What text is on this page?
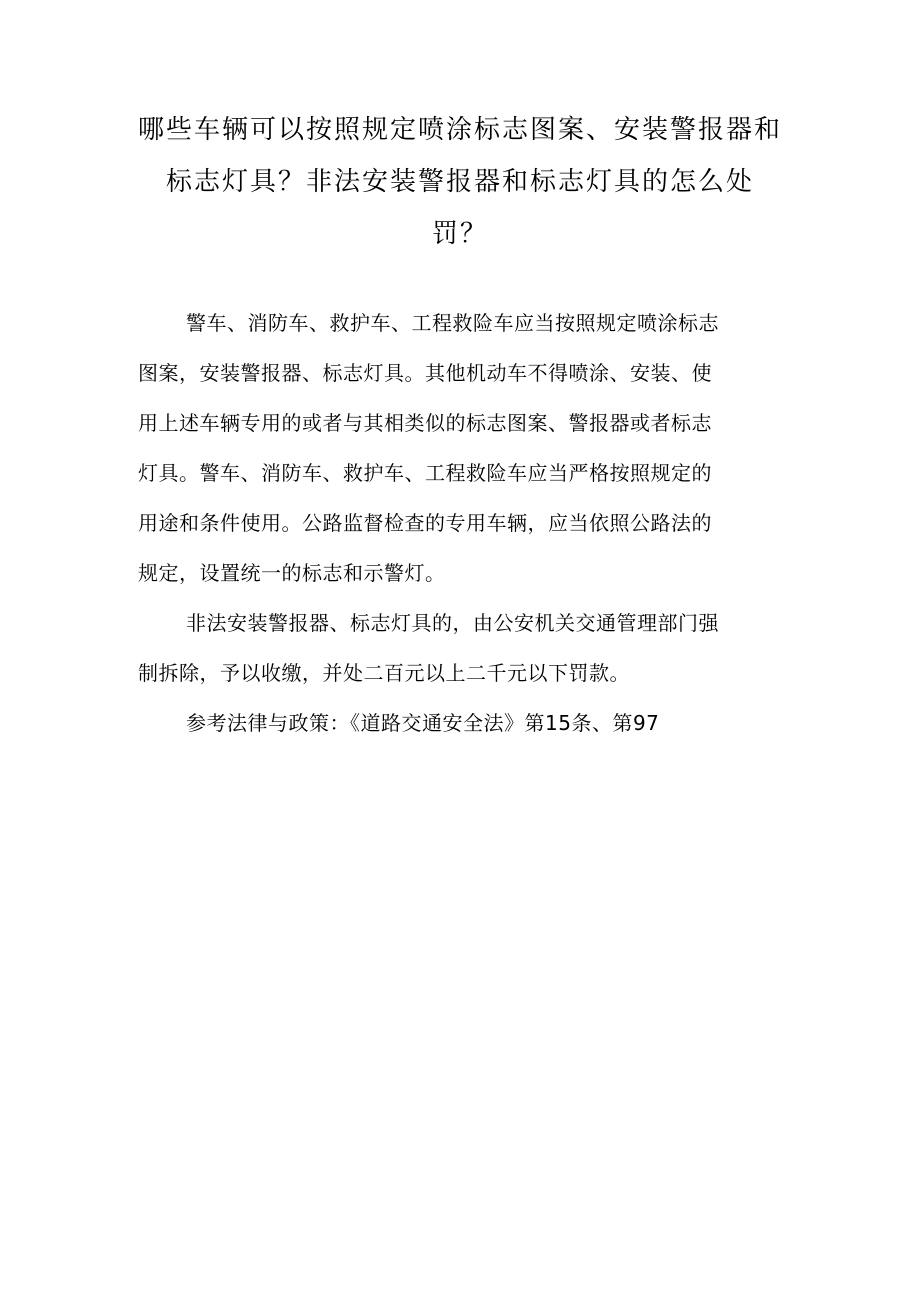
哪些车辆可以按照规定喷涂标志图案、安装警报器和
标志灯具？非法安装警报器和标志灯具的怎么处
罚？
警车、消防车、救护车、工程救险车应当按照规定喷涂标志
图案，安装警报器、标志灯具。其他机动车不得喷涂、安装、使
用上述车辆专用的或者与其相类似的标志图案、警报器或者标志
灯具。警车、消防车、救护车、工程救险车应当严格按照规定的
用途和条件使用。公路监督检查的专用车辆，应当依照公路法的
规定，设置统一的标志和示警灯。
非法安装警报器、标志灯具的，由公安机关交通管理部门强
制拆除，予以收缴，并处二百元以上二千元以下罚款。
参考法律与政策：《道路交通安全法》第15条、第97
